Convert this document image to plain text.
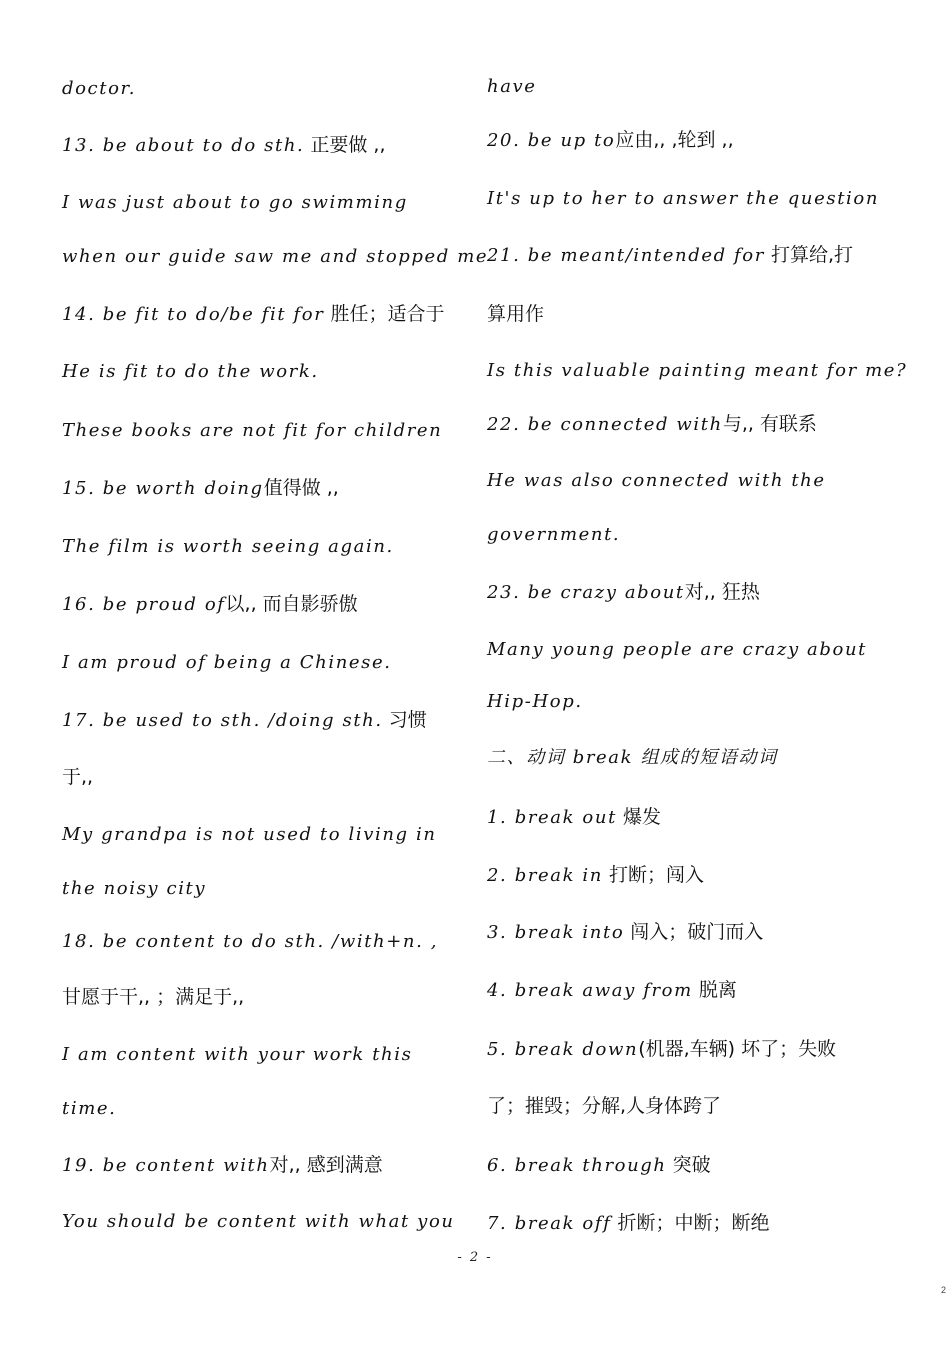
doctor.
13. be about to do sth. 正要做 ,,
I was just about to go swimming
when our guide saw me and stopped me
14. be fit to do/be fit for 胜任；适合于
He is fit to do the work.
These books are not fit for children
15. be worth doing值得做 ,,
The film is worth seeing again.
16. be proud of以,, 而自影骄傲
I am proud of being a Chinese.
17. be used to sth. /doing sth. 习惯
于,,
My grandpa is not used to living in
the noisy city
18. be content to do sth. /with+n. ,
甘愿于干,, ；满足于,,
I am content with your work this
time.
19. be content with对,, 感到满意
You should be content with what you
have
20. be up to应由,, ,轮到 ,,
It's up to her to answer the question
21. be meant/intended for 打算给,打
算用作
Is this valuable painting meant for me?
22. be connected with与,, 有联系
He was also connected with the
government.
23. be crazy about对,, 狂热
Many young people are crazy about
Hip-Hop.
二、动词 break 组成的短语动词
1. break out 爆发
2. break in 打断；闯入
3. break into 闯入；破门而入
4. break away from 脱离
5. break down(机器,车辆) 坏了；失败
了；摧毁；分解,人身体跨了
6. break through 突破
7. break off 折断；中断；断绝
- 2 -
2
